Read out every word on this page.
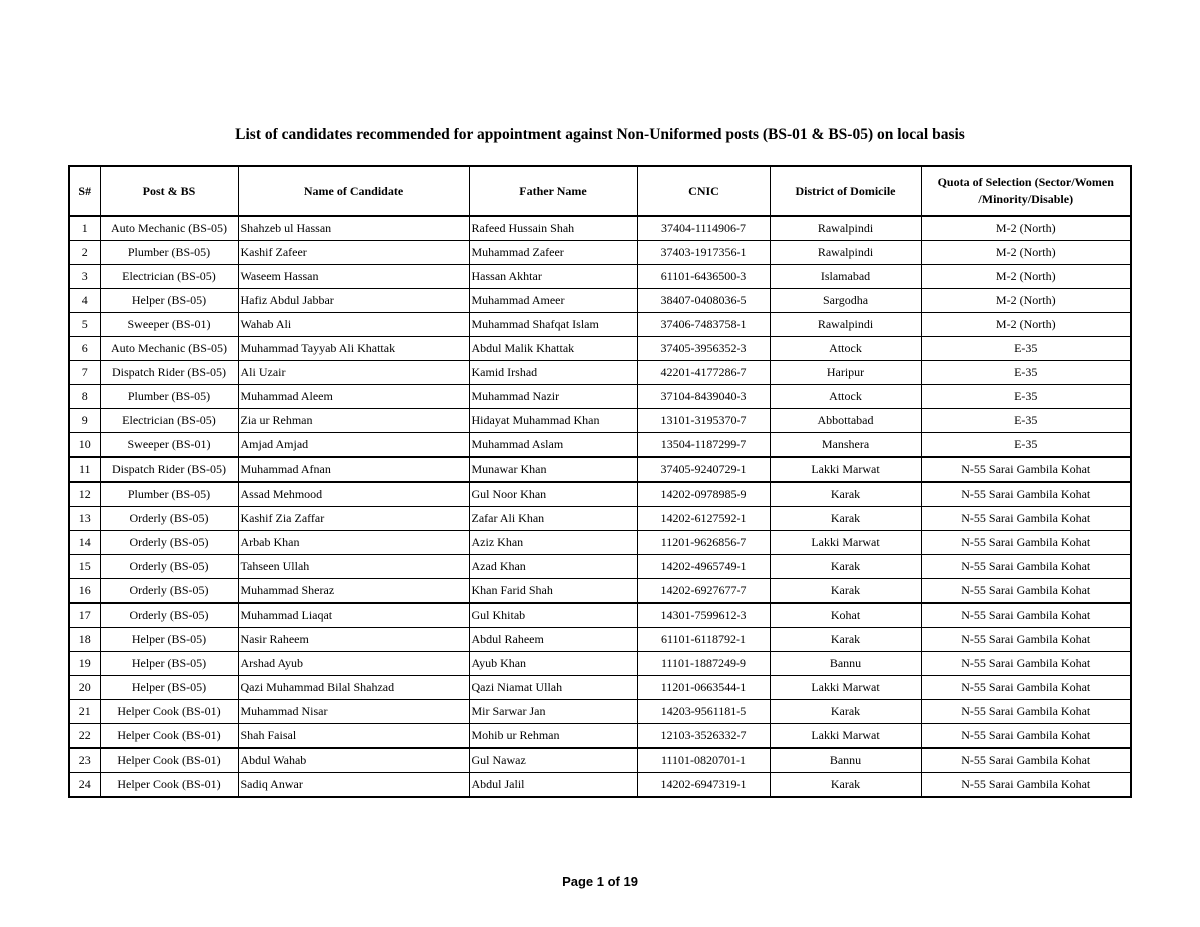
List of candidates recommended for appointment against Non-Uniformed posts (BS-01 & BS-05) on local basis
S#	Post & BS	Name of Candidate	Father Name	CNIC	District of Domicile	Quota of Selection (Sector/Women /Minority/Disable)
1	Auto Mechanic (BS-05)	Shahzeb ul Hassan	Rafeed Hussain Shah	37404-1114906-7	Rawalpindi	M-2 (North)
2	Plumber (BS-05)	Kashif Zafeer	Muhammad Zafeer	37403-1917356-1	Rawalpindi	M-2 (North)
3	Electrician (BS-05)	Waseem Hassan	Hassan Akhtar	61101-6436500-3	Islamabad	M-2 (North)
4	Helper (BS-05)	Hafiz Abdul Jabbar	Muhammad Ameer	38407-0408036-5	Sargodha	M-2 (North)
5	Sweeper (BS-01)	Wahab Ali	Muhammad Shafqat Islam	37406-7483758-1	Rawalpindi	M-2 (North)
6	Auto Mechanic (BS-05)	Muhammad Tayyab Ali Khattak	Abdul Malik Khattak	37405-3956352-3	Attock	E-35
7	Dispatch Rider (BS-05)	Ali Uzair	Kamid Irshad	42201-4177286-7	Haripur	E-35
8	Plumber (BS-05)	Muhammad Aleem	Muhammad Nazir	37104-8439040-3	Attock	E-35
9	Electrician (BS-05)	Zia ur Rehman	Hidayat Muhammad Khan	13101-3195370-7	Abbottabad	E-35
10	Sweeper (BS-01)	Amjad Amjad	Muhammad Aslam	13504-1187299-7	Manshera	E-35
11	Dispatch Rider (BS-05)	Muhammad Afnan	Munawar Khan	37405-9240729-1	Lakki Marwat	N-55 Sarai Gambila Kohat
12	Plumber (BS-05)	Assad Mehmood	Gul Noor Khan	14202-0978985-9	Karak	N-55 Sarai Gambila Kohat
13	Orderly (BS-05)	Kashif Zia Zaffar	Zafar Ali Khan	14202-6127592-1	Karak	N-55 Sarai Gambila Kohat
14	Orderly (BS-05)	Arbab Khan	Aziz Khan	11201-9626856-7	Lakki Marwat	N-55 Sarai Gambila Kohat
15	Orderly (BS-05)	Tahseen Ullah	Azad Khan	14202-4965749-1	Karak	N-55 Sarai Gambila Kohat
16	Orderly (BS-05)	Muhammad Sheraz	Khan Farid Shah	14202-6927677-7	Karak	N-55 Sarai Gambila Kohat
17	Orderly (BS-05)	Muhammad Liaqat	Gul Khitab	14301-7599612-3	Kohat	N-55 Sarai Gambila Kohat
18	Helper (BS-05)	Nasir Raheem	Abdul Raheem	61101-6118792-1	Karak	N-55 Sarai Gambila Kohat
19	Helper (BS-05)	Arshad Ayub	Ayub Khan	11101-1887249-9	Bannu	N-55 Sarai Gambila Kohat
20	Helper (BS-05)	Qazi Muhammad Bilal Shahzad	Qazi Niamat Ullah	11201-0663544-1	Lakki Marwat	N-55 Sarai Gambila Kohat
21	Helper Cook (BS-01)	Muhammad Nisar	Mir Sarwar Jan	14203-9561181-5	Karak	N-55 Sarai Gambila Kohat
22	Helper Cook (BS-01)	Shah Faisal	Mohib ur Rehman	12103-3526332-7	Lakki Marwat	N-55 Sarai Gambila Kohat
23	Helper Cook (BS-01)	Abdul Wahab	Gul Nawaz	11101-0820701-1	Bannu	N-55 Sarai Gambila Kohat
24	Helper Cook (BS-01)	Sadiq Anwar	Abdul Jalil	14202-6947319-1	Karak	N-55 Sarai Gambila Kohat
Page 1 of 19
